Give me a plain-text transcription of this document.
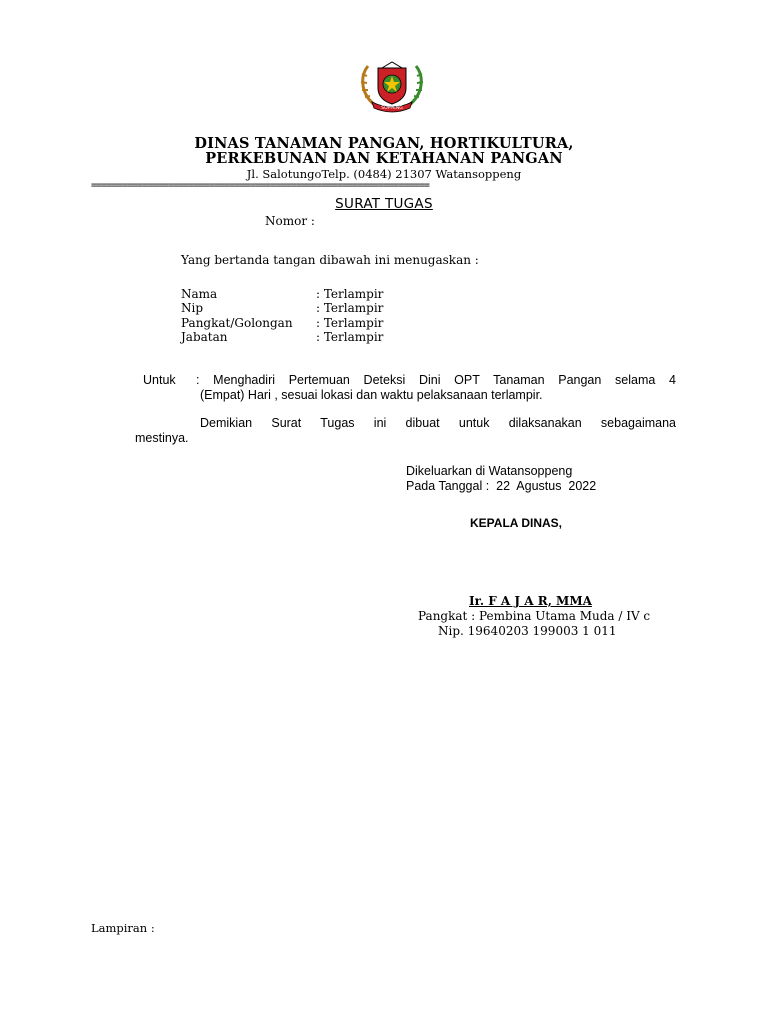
SOPPENG
DINAS TANAMAN PANGAN, HORTIKULTURA,
PERKEBUNAN DAN KETAHANAN PANGAN
Jl. SalotungoTelp. (0484) 21307 Watansoppeng
==================================================================
SURAT TUGAS
Nomor :
Yang bertanda tangan dibawah ini menugaskan :
Nama	: Terlampir
Nip	: Terlampir
Pangkat/Golongan : Terlampir
Jabatan	: Terlampir
Untuk : Menghadiri Pertemuan Deteksi Dini OPT Tanaman Pangan selama 4
(Empat) Hari , sesuai lokasi dan waktu pelaksanaan terlampir.
Demikian Surat Tugas ini dibuat untuk dilaksanakan sebagaimana
mestinya.
Dikeluarkan di Watansoppeng
Pada Tanggal :  22  Agustus  2022
KEPALA DINAS,
Ir. F A J A R, MMA
Pangkat : Pembina Utama Muda / IV c
Nip. 19640203 199003 1 011
Lampiran :
